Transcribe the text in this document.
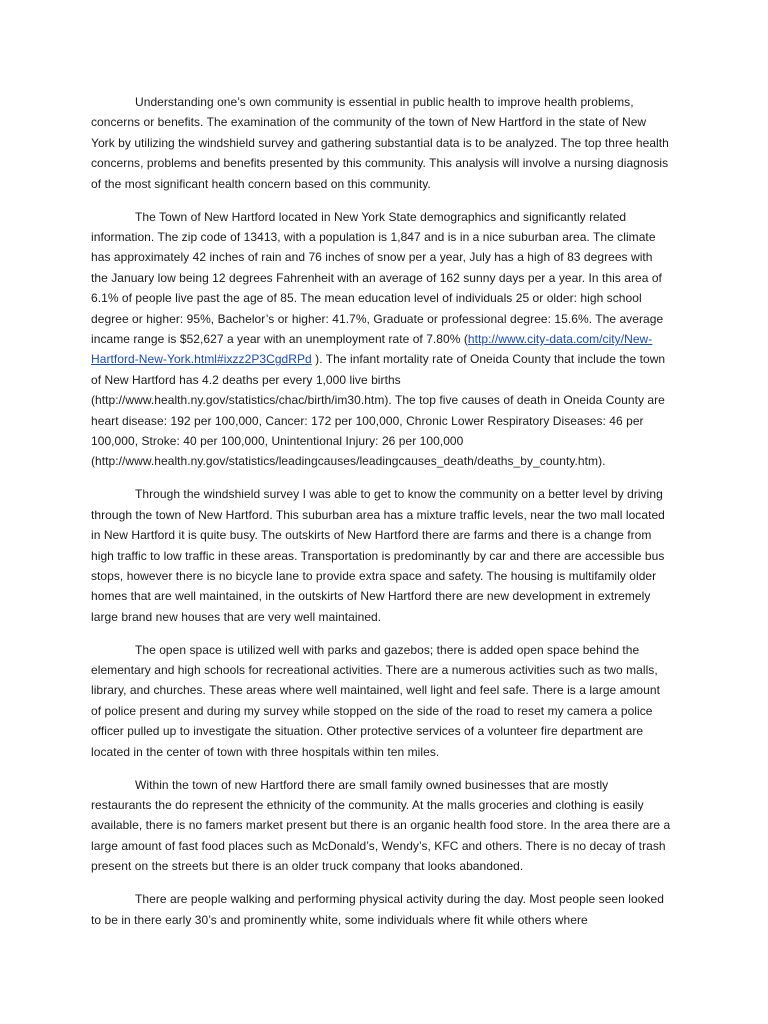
Understanding one’s own community is essential in public health to improve health problems, concerns or benefits. The examination of the community of the town of New Hartford in the state of New York by utilizing the windshield survey and gathering substantial data is to be analyzed. The top three health concerns, problems and benefits presented by this community. This analysis will involve a nursing diagnosis of the most significant health concern based on this community.

The Town of New Hartford located in New York State demographics and significantly related information. The zip code of 13413, with a population is 1,847 and is in a nice suburban area. The climate has approximately 42 inches of rain and 76 inches of snow per a year, July has a high of 83 degrees with the January low being 12 degrees Fahrenheit with an average of 162 sunny days per a year. In this area of 6.1% of people live past the age of 85. The mean education level of individuals 25 or older: high school degree or higher: 95%, Bachelor’s or higher: 41.7%, Graduate or professional degree: 15.6%. The average incame range is $52,627 a year with an unemployment rate of 7.80% (http://www.city-data.com/city/New-Hartford-New-York.html#ixzz2P3CgdRPd ). The infant mortality rate of Oneida County that include the town of New Hartford has 4.2 deaths per every 1,000 live births (http://www.health.ny.gov/statistics/chac/birth/im30.htm). The top five causes of death in Oneida County are heart disease: 192 per 100,000, Cancer: 172 per 100,000, Chronic Lower Respiratory Diseases: 46 per 100,000, Stroke: 40 per 100,000, Unintentional Injury: 26 per 100,000 (http://www.health.ny.gov/statistics/leadingcauses/leadingcauses_death/deaths_by_county.htm).

Through the windshield survey I was able to get to know the community on a better level by driving through the town of New Hartford. This suburban area has a mixture traffic levels, near the two mall located in New Hartford it is quite busy. The outskirts of New Hartford there are farms and there is a change from high traffic to low traffic in these areas. Transportation is predominantly by car and there are accessible bus stops, however there is no bicycle lane to provide extra space and safety. The housing is multifamily older homes that are well maintained, in the outskirts of New Hartford there are new development in extremely large brand new houses that are very well maintained.

The open space is utilized well with parks and gazebos; there is added open space behind the elementary and high schools for recreational activities. There are a numerous activities such as two malls, library, and churches. These areas where well maintained, well light and feel safe. There is a large amount of police present and during my survey while stopped on the side of the road to reset my camera a police officer pulled up to investigate the situation. Other protective services of a volunteer fire department are located in the center of town with three hospitals within ten miles.

Within the town of new Hartford there are small family owned businesses that are mostly restaurants the do represent the ethnicity of the community. At the malls groceries and clothing is easily available, there is no famers market present but there is an organic health food store. In the area there are a large amount of fast food places such as McDonald’s, Wendy’s, KFC and others. There is no decay of trash present on the streets but there is an older truck company that looks abandoned.

There are people walking and performing physical activity during the day. Most people seen looked to be in there early 30’s and prominently white, some individuals where fit while others where
